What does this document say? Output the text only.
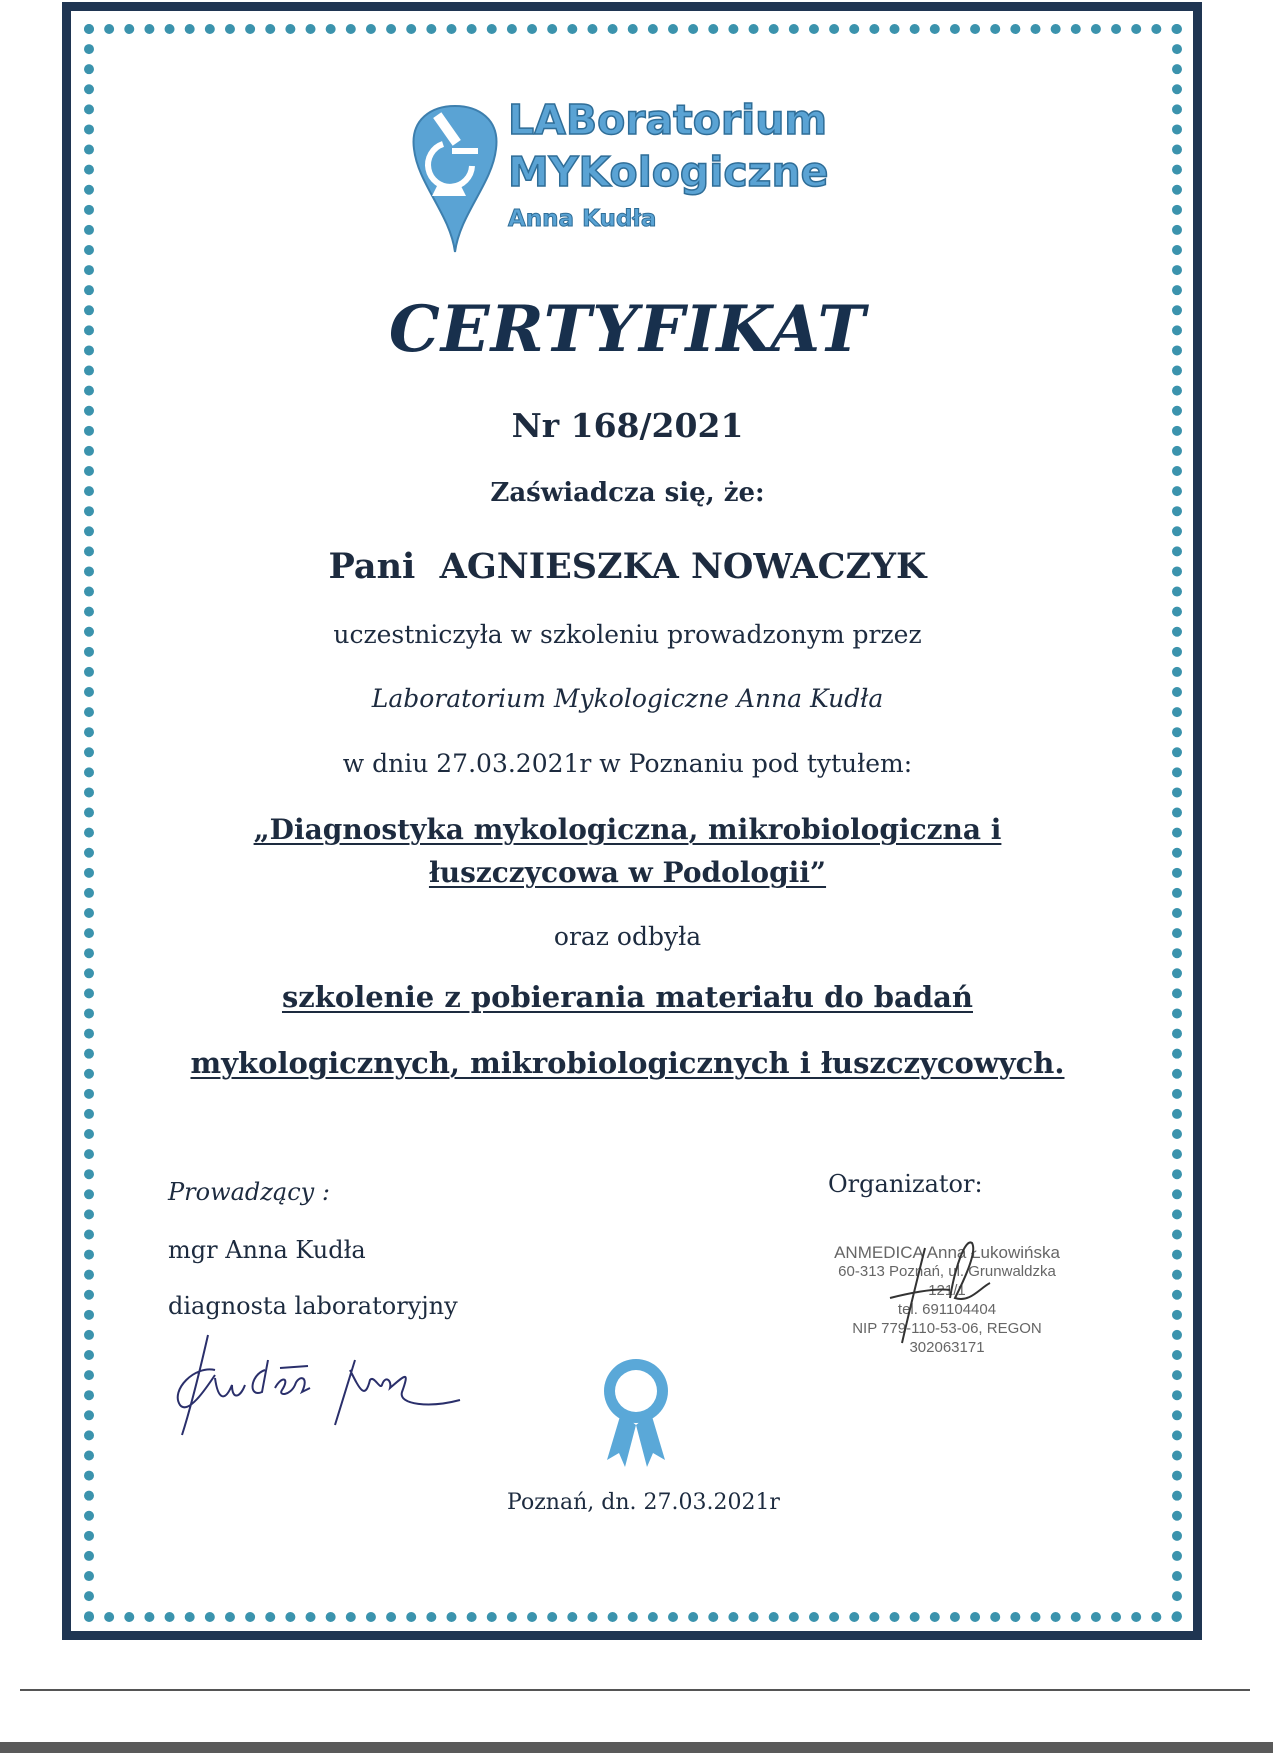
LABoratorium
MYKologiczne
Anna Kudła
CERTYFIKAT
Nr 168/2021
Zaświadcza się, że:
Pani  AGNIESZKA NOWACZYK
uczestniczyła w szkoleniu prowadzonym przez
Laboratorium Mykologiczne Anna Kudła
w dniu 27.03.2021r w Poznaniu pod tytułem:
„Diagnostyka mykologiczna, mikrobiologiczna i
łuszczycowa w Podologii”
oraz odbyła
szkolenie z pobierania materiału do badań
mykologicznych, mikrobiologicznych i łuszczycowych.
Prowadzący :
mgr Anna Kudła
diagnosta laboratoryjny
Organizator:
ANMEDICA Anna Łukowińska
60-313 Poznań, ul. Grunwaldzka 121/1
tel. 691104404
NIP 779-110-53-06, REGON 302063171
Poznań, dn. 27.03.2021r
